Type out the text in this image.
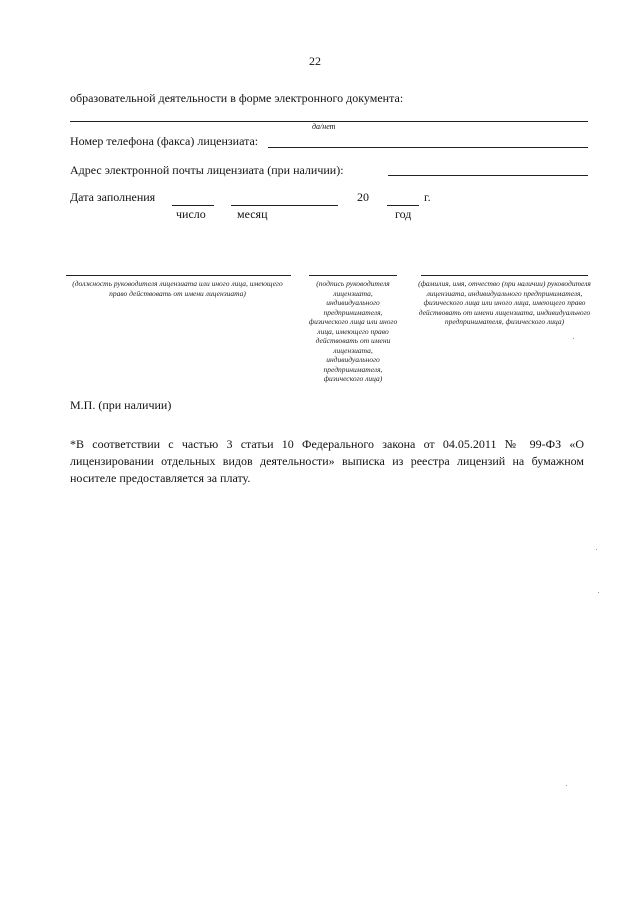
22
образовательной деятельности в форме электронного документа:
да/нет
Номер телефона (факса) лицензиата:
Адрес электронной почты лицензиата (при наличии):
Дата заполнения	20	г.
число	месяц	год
(должность руководителя лицензиата или иного лица, имеющего право действовать от имени лицензиата)
(подпись руководителя лицензиата, индивидуального предпринимателя, физического лица или иного лица, имеющего право действовать от имени лицензиата, индивидуального предпринимателя, физического лица)
(фамилия, имя, отчество (при наличии) руководителя лицензиата, индивидуального предпринимателя, физического лица или иного лица, имеющего право действовать от имени лицензиата, индивидуального предпринимателя, физического лица)
М.П. (при наличии)
*В соответствии с частью 3 статьи 10 Федерального закона от 04.05.2011 № 99-ФЗ «О лицензировании отдельных видов деятельности» выписка из реестра лицензий на бумажном носителе предоставляется за плату.
